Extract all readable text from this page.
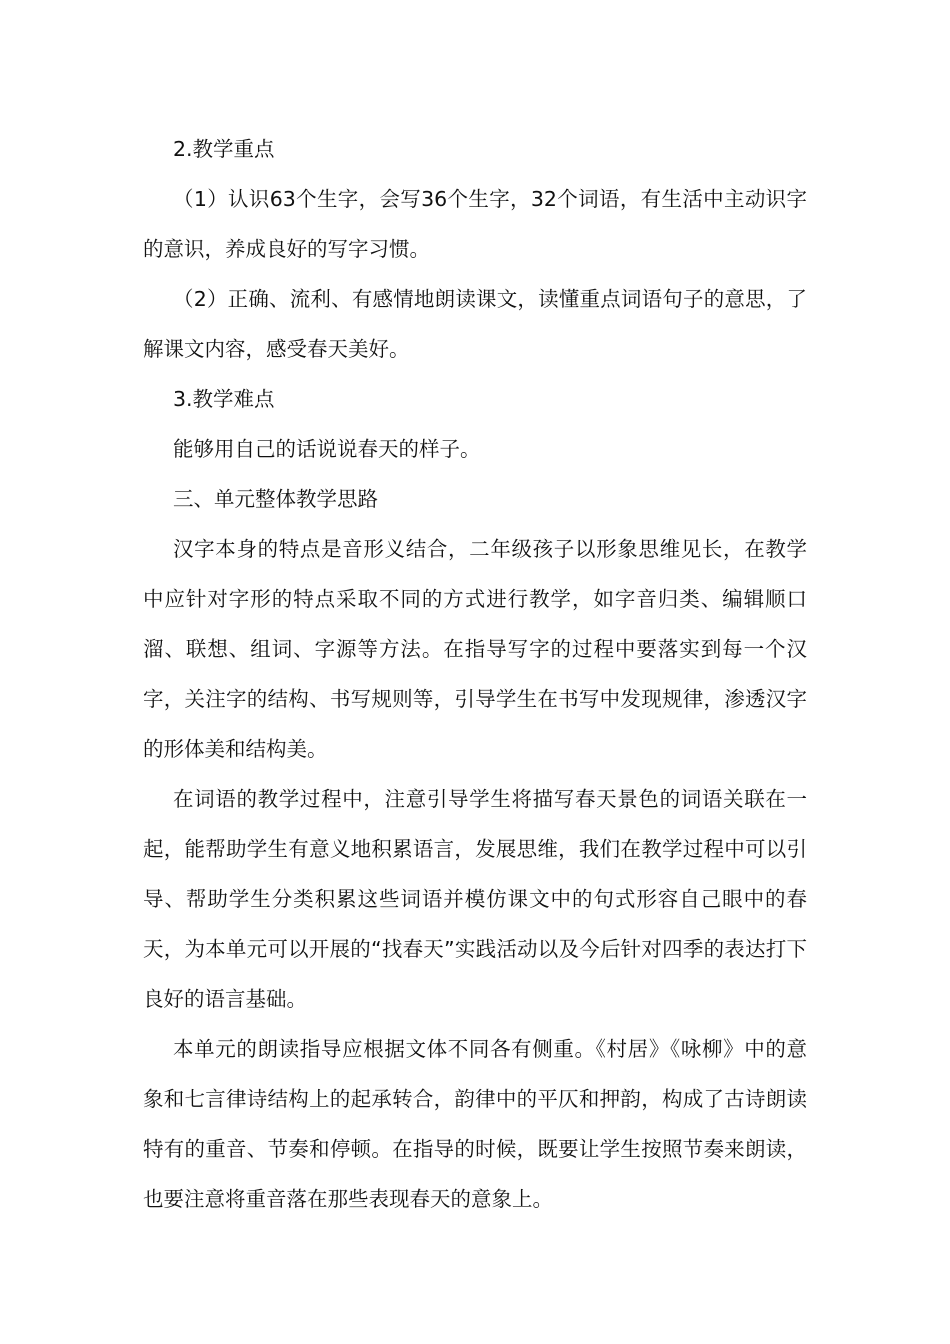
2.教学重点

（1）认识63个生字，会写36个生字，32个词语，有生活中主动识字的意识，养成良好的写字习惯。

（2）正确、流利、有感情地朗读课文，读懂重点词语句子的意思，了解课文内容，感受春天美好。

3.教学难点

能够用自己的话说说春天的样子。

三、单元整体教学思路

汉字本身的特点是音形义结合，二年级孩子以形象思维见长，在教学中应针对字形的特点采取不同的方式进行教学，如字音归类、编辑顺口溜、联想、组词、字源等方法。在指导写字的过程中要落实到每一个汉字，关注字的结构、书写规则等，引导学生在书写中发现规律，渗透汉字的形体美和结构美。

在词语的教学过程中，注意引导学生将描写春天景色的词语关联在一起，能帮助学生有意义地积累语言，发展思维，我们在教学过程中可以引导、帮助学生分类积累这些词语并模仿课文中的句式形容自己眼中的春天，为本单元可以开展的“找春天”实践活动以及今后针对四季的表达打下良好的语言基础。

本单元的朗读指导应根据文体不同各有侧重。《村居》《咏柳》中的意象和七言律诗结构上的起承转合，韵律中的平仄和押韵，构成了古诗朗读特有的重音、节奏和停顿。在指导的时候，既要让学生按照节奏来朗读，也要注意将重音落在那些表现春天的意象上。
